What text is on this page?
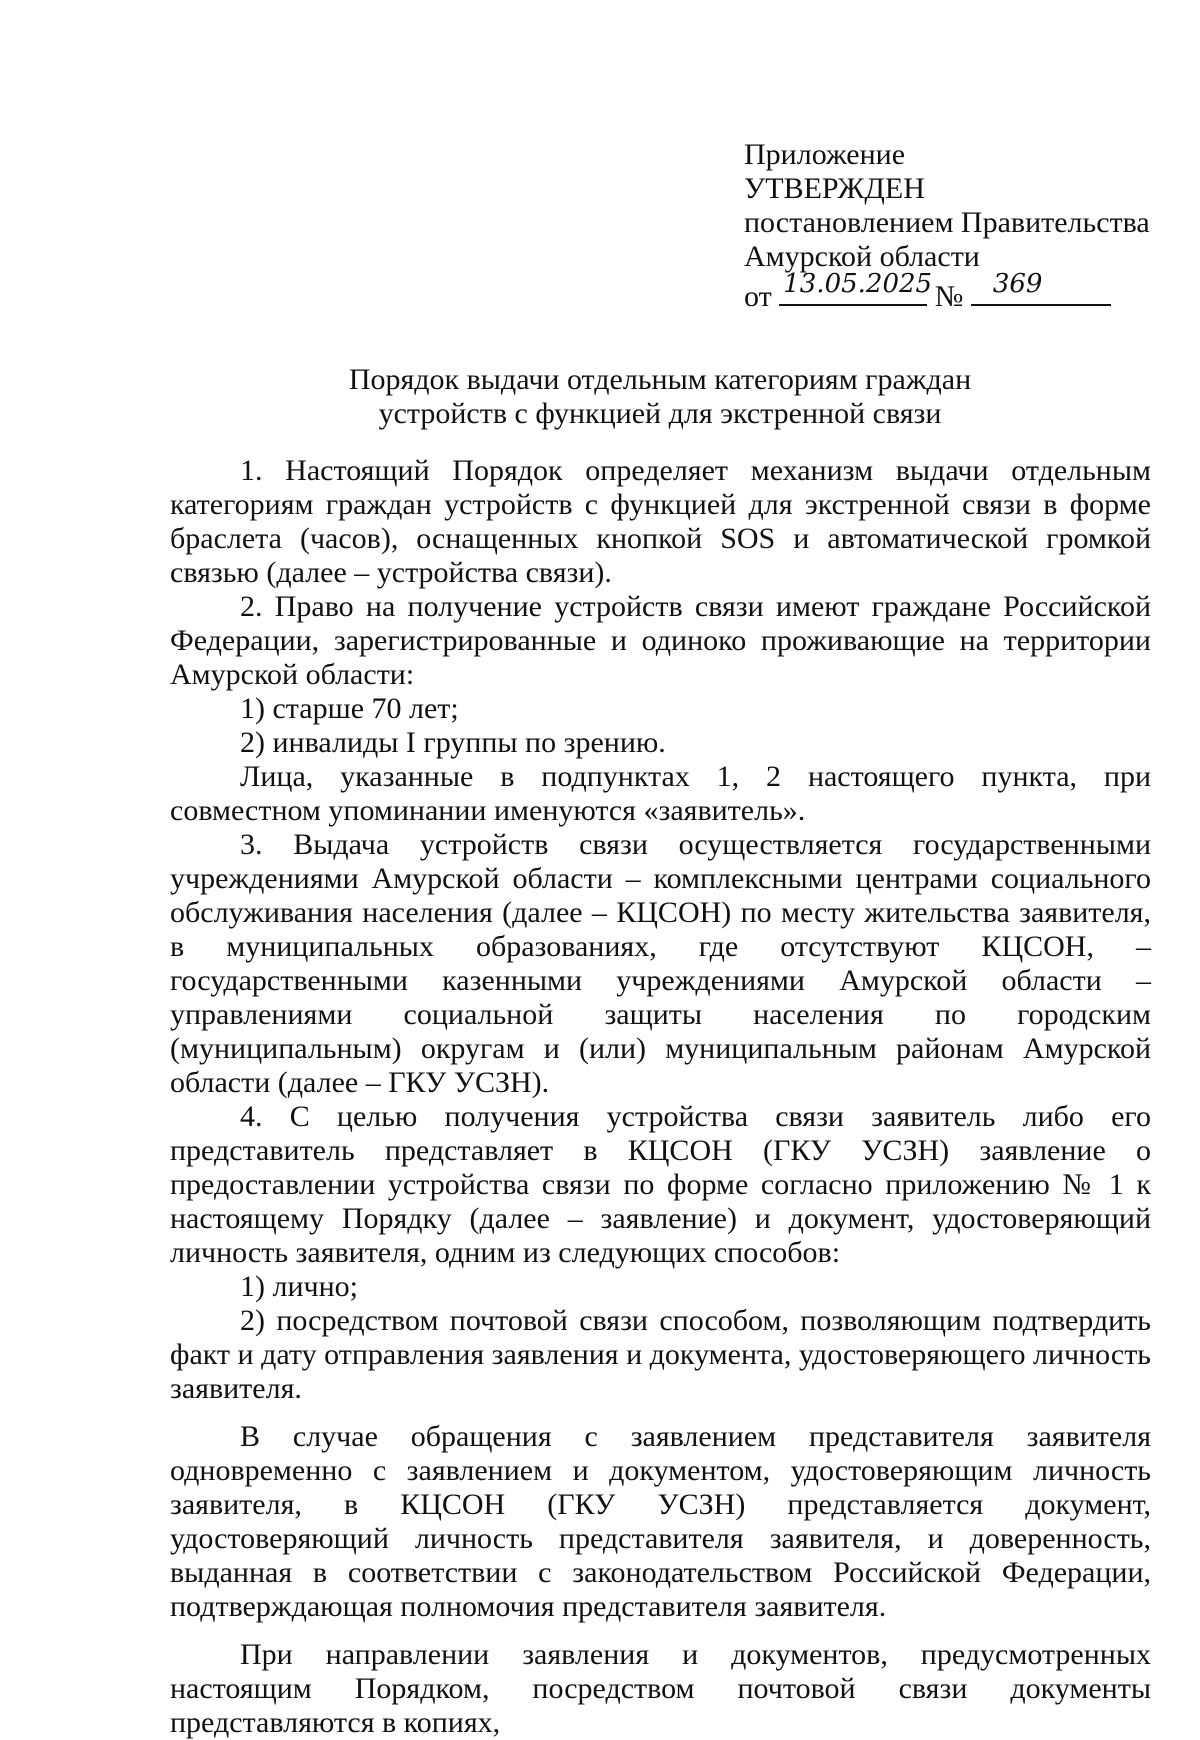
Приложение
УТВЕРЖДЕН
постановлением Правительства
Амурской области
от 13.05.2025 № 369
Порядок выдачи отдельным категориям граждан
устройств с функцией для экстренной связи

1. Настоящий Порядок определяет механизм выдачи отдельным категориям граждан устройств с функцией для экстренной связи в форме браслета (часов), оснащенных кнопкой SOS и автоматической громкой связью (далее – устройства связи).

2. Право на получение устройств связи имеют граждане Российской Федерации, зарегистрированные и одиноко проживающие на территории Амурской области:

1) старше 70 лет;

2) инвалиды I группы по зрению.

Лица, указанные в подпунктах 1, 2 настоящего пункта, при совместном упоминании именуются «заявитель».

3. Выдача устройств связи осуществляется государственными учреждениями Амурской области – комплексными центрами социального обслуживания населения (далее – КЦСОН) по месту жительства заявителя, в муниципальных образованиях, где отсутствуют КЦСОН, – государственными казенными учреждениями Амурской области – управлениями социальной защиты населения по городским (муниципальным) округам и (или) муниципальным районам Амурской области (далее – ГКУ УСЗН).

4. С целью получения устройства связи заявитель либо его представитель представляет в КЦСОН (ГКУ УСЗН) заявление о предоставлении устройства связи по форме согласно приложению № 1 к настоящему Порядку (далее – заявление) и документ, удостоверяющий личность заявителя, одним из следующих способов:

1) лично;

2) посредством почтовой связи способом, позволяющим подтвердить факт и дату отправления заявления и документа, удостоверяющего личность заявителя.

В случае обращения с заявлением представителя заявителя одновременно с заявлением и документом, удостоверяющим личность заявителя, в КЦСОН (ГКУ УСЗН) представляется документ, удостоверяющий личность представителя заявителя, и доверенность, выданная в соответствии с законодательством Российской Федерации, подтверждающая полномочия представителя заявителя.

При направлении заявления и документов, предусмотренных настоящим Порядком, посредством почтовой связи документы представляются в копиях,
